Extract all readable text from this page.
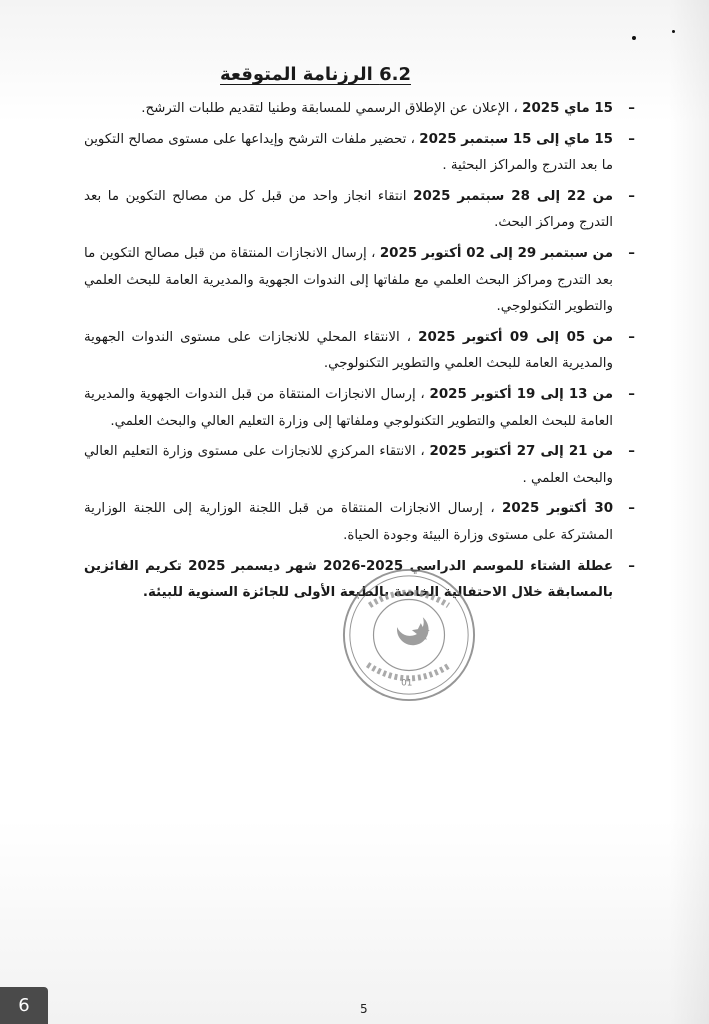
6.2 الرزنامة المتوقعة
–
15 ماي 2025 ، الإعلان عن الإطلاق الرسمي للمسابقة وطنيا لتقديم طلبات الترشح.
–
15 ماي إلى 15 سبتمبر 2025 ، تحضير ملفات الترشح وإيداعها على مستوى مصالح التكوين ما بعد التدرج والمراكز البحثية .
–
من 22 إلى 28 سبتمبر 2025 انتقاء انجاز واحد من قبل كل من مصالح التكوين ما بعد التدرج ومراكز البحث.
–
من سبتمبر 29 إلى 02 أكتوبر 2025 ، إرسال الانجازات المنتقاة من قبل مصالح التكوين ما بعد التدرج ومراكز البحث العلمي مع ملفاتها إلى الندوات الجهوية والمديرية العامة للبحث العلمي والتطوير التكنولوجي.
–
من 05 إلى 09 أكتوبر 2025 ، الانتقاء المحلي للانجازات على مستوى الندوات الجهوية والمديرية العامة للبحث العلمي والتطوير التكنولوجي.
–
من 13 إلى 19 أكتوبر 2025 ، إرسال الانجازات المنتقاة من قبل الندوات الجهوية والمديرية العامة للبحث العلمي والتطوير التكنولوجي وملفاتها إلى وزارة التعليم العالي والبحث العلمي.
–
من 21 إلى 27 أكتوبر 2025 ، الانتقاء المركزي للانجازات على مستوى وزارة التعليم العالي والبحث العلمي .
–
30 أكتوبر 2025 ، إرسال الانجازات المنتقاة من قبل اللجنة الوزارية إلى اللجنة الوزارية المشتركة على مستوى وزارة البيئة وجودة الحياة.
–
عطلة الشتاء للموسم الدراسي 2025-2026 شهر ديسمبر 2025 تكريم الفائزين بالمسابقة خلال الاحتفالية الخاصة بالطبعة الأولى للجائزة السنوية للبيئة.
01
5
6
